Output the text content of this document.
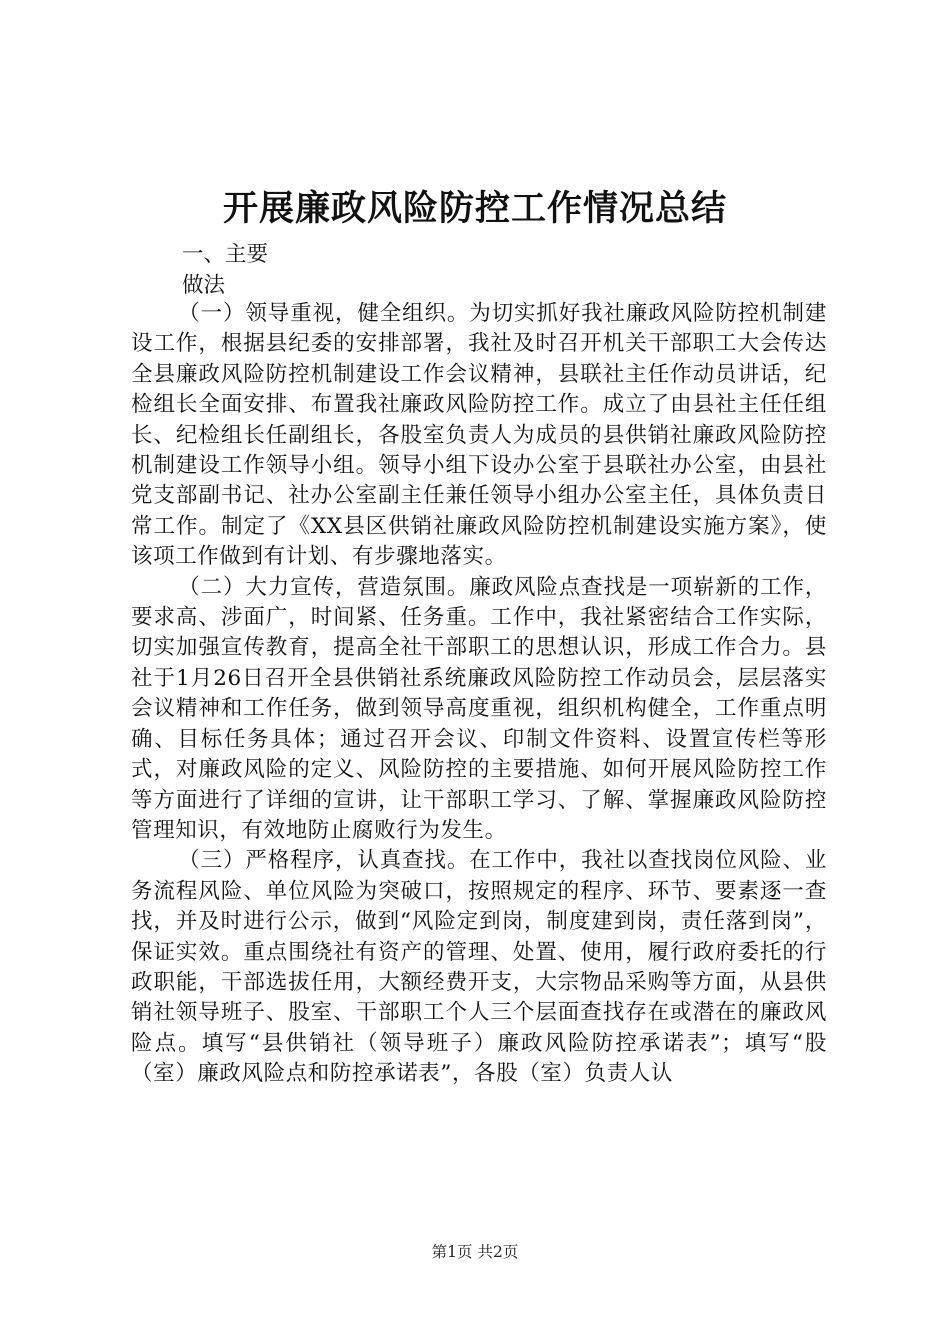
开展廉政风险防控工作情况总结

一、主要

做法

（一）领导重视，健全组织。为切实抓好我社廉政风险防控机制建设工作，根据县纪委的安排部署，我社及时召开机关干部职工大会传达全县廉政风险防控机制建设工作会议精神，县联社主任作动员讲话，纪检组长全面安排、布置我社廉政风险防控工作。成立了由县社主任任组长、纪检组长任副组长，各股室负责人为成员的县供销社廉政风险防控机制建设工作领导小组。领导小组下设办公室于县联社办公室，由县社党支部副书记、社办公室副主任兼任领导小组办公室主任，具体负责日常工作。制定了《XX县区供销社廉政风险防控机制建设实施方案》，使该项工作做到有计划、有步骤地落实。

（二）大力宣传，营造氛围。廉政风险点查找是一项崭新的工作，要求高、涉面广，时间紧、任务重。工作中，我社紧密结合工作实际，切实加强宣传教育，提高全社干部职工的思想认识，形成工作合力。县社于1月26日召开全县供销社系统廉政风险防控工作动员会，层层落实会议精神和工作任务，做到领导高度重视，组织机构健全，工作重点明确、目标任务具体；通过召开会议、印制文件资料、设置宣传栏等形式，对廉政风险的定义、风险防控的主要措施、如何开展风险防控工作等方面进行了详细的宣讲，让干部职工学习、了解、掌握廉政风险防控管理知识，有效地防止腐败行为发生。

（三）严格程序，认真查找。在工作中，我社以查找岗位风险、业务流程风险、单位风险为突破口，按照规定的程序、环节、要素逐一查找，并及时进行公示，做到“风险定到岗，制度建到岗，责任落到岗”，保证实效。重点围绕社有资产的管理、处置、使用，履行政府委托的行政职能，干部选拔任用，大额经费开支，大宗物品采购等方面，从县供销社领导班子、股室、干部职工个人三个层面查找存在或潜在的廉政风险点。填写“县供销社（领导班子）廉政风险防控承诺表”；填写“股（室）廉政风险点和防控承诺表”，各股（室）负责人认

第1页 共2页
